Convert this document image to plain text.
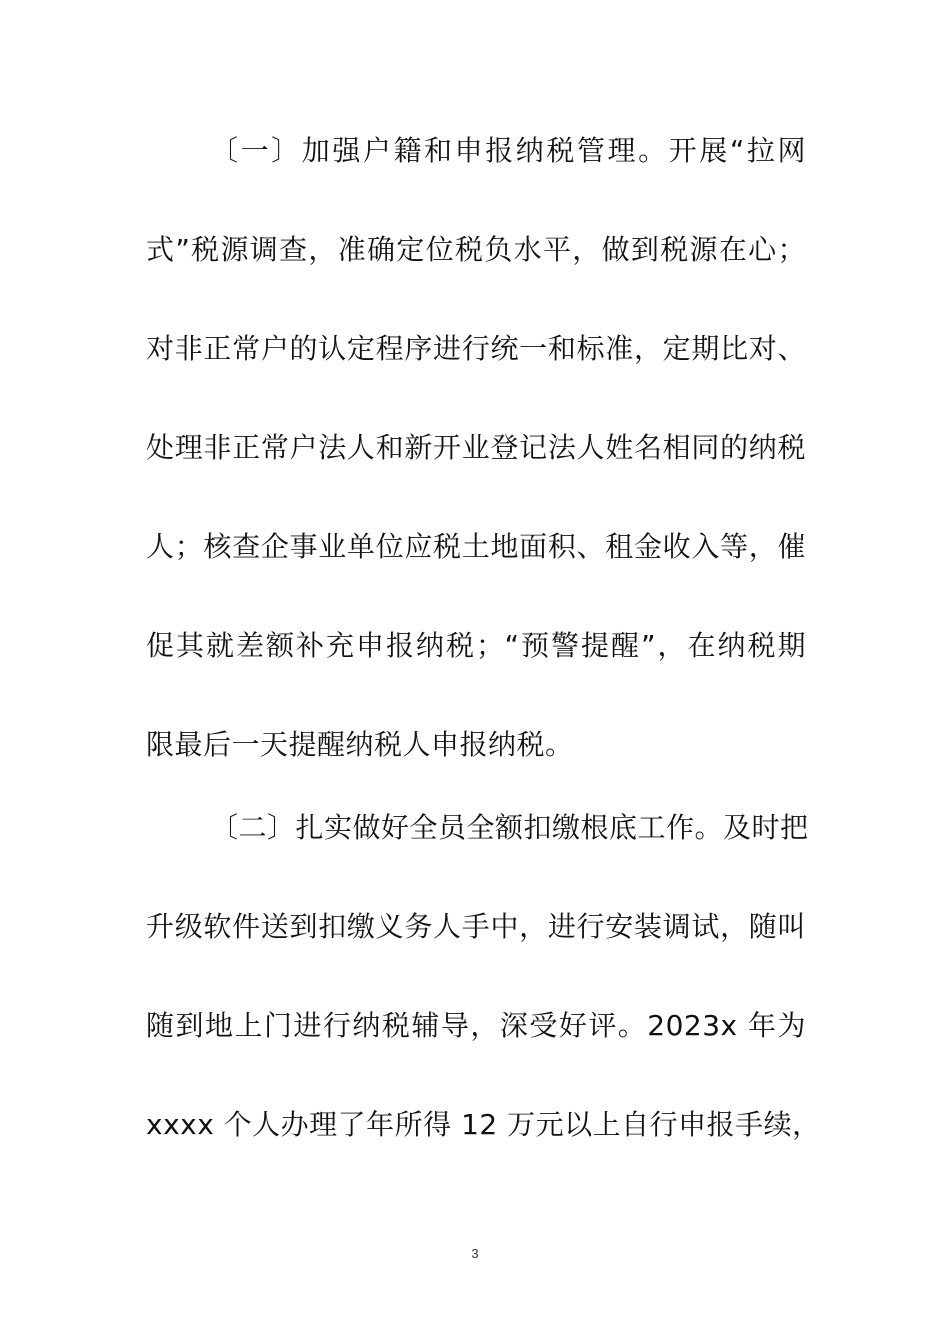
〔一〕加强户籍和申报纳税管理。开展“拉网
式”税源调查，准确定位税负水平，做到税源在心；
对非正常户的认定程序进行统一和标准，定期比对、
处理非正常户法人和新开业登记法人姓名相同的纳税
人；核查企事业单位应税土地面积、租金收入等，催
促其就差额补充申报纳税；“预警提醒”，在纳税期
限最后一天提醒纳税人申报纳税。
〔二〕扎实做好全员全额扣缴根底工作。及时把
升级软件送到扣缴义务人手中，进行安装调试，随叫
随到地上门进行纳税辅导，深受好评。2023x 年为
xxxx 个人办理了年所得 12 万元以上自行申报手续，
3
